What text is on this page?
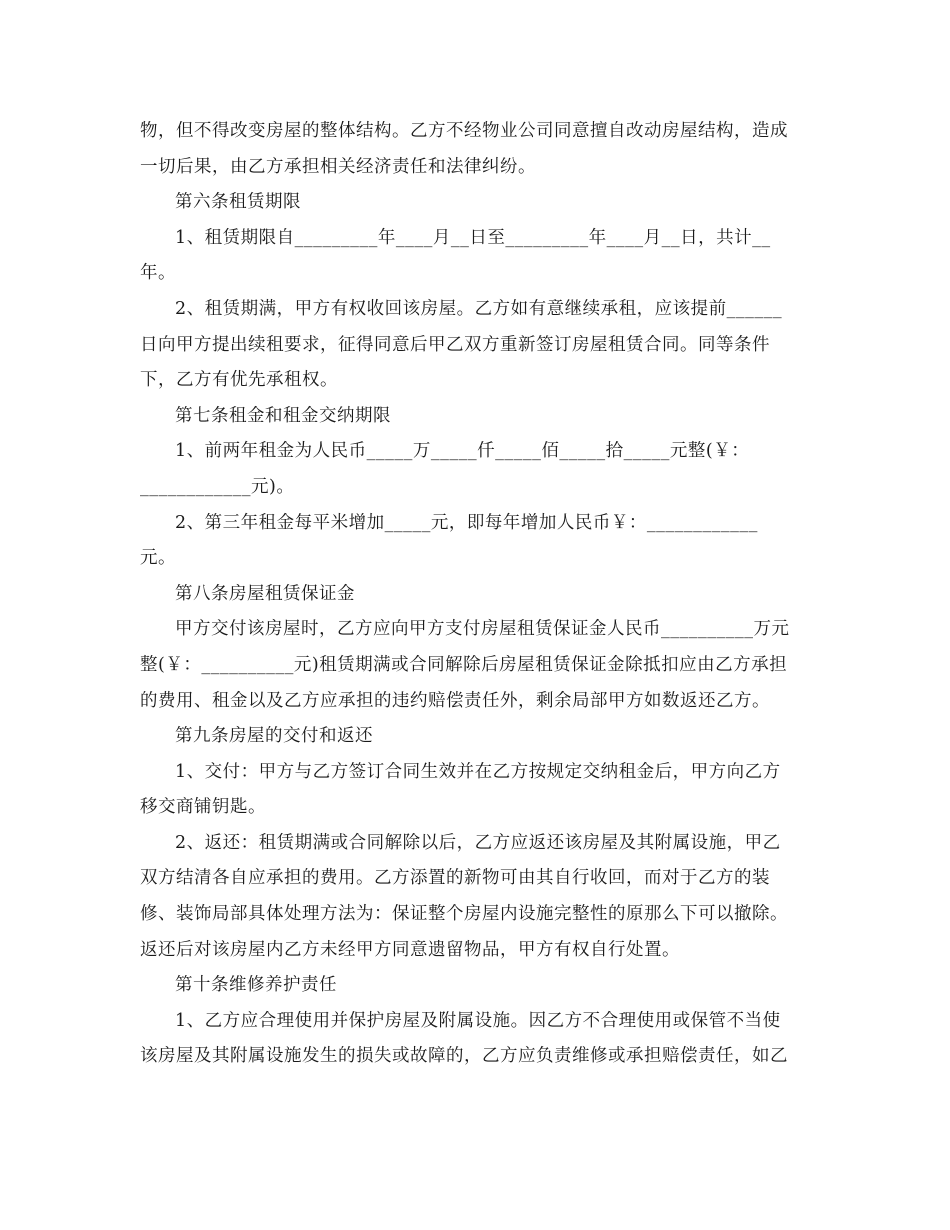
物，但不得改变房屋的整体结构。乙方不经物业公司同意擅自改动房屋结构，造成
一切后果，由乙方承担相关经济责任和法律纠纷。

第六条租赁期限

1、租赁期限自_________年____月__日至_________年____月__日，共计__
年。

2、租赁期满，甲方有权收回该房屋。乙方如有意继续承租，应该提前______
日向甲方提出续租要求，征得同意后甲乙双方重新签订房屋租赁合同。同等条件
下，乙方有优先承租权。

第七条租金和租金交纳期限

1、前两年租金为人民币_____万_____仟_____佰_____拾_____元整(￥：
____________元)。

2、第三年租金每平米增加_____元，即每年增加人民币￥：____________
元。

第八条房屋租赁保证金

甲方交付该房屋时，乙方应向甲方支付房屋租赁保证金人民币__________万元
整(￥：__________元)租赁期满或合同解除后房屋租赁保证金除抵扣应由乙方承担
的费用、租金以及乙方应承担的违约赔偿责任外，剩余局部甲方如数返还乙方。

第九条房屋的交付和返还

1、交付：甲方与乙方签订合同生效并在乙方按规定交纳租金后，甲方向乙方
移交商铺钥匙。

2、返还：租赁期满或合同解除以后，乙方应返还该房屋及其附属设施，甲乙
双方结清各自应承担的费用。乙方添置的新物可由其自行收回，而对于乙方的装
修、装饰局部具体处理方法为：保证整个房屋内设施完整性的原那么下可以撤除。
返还后对该房屋内乙方未经甲方同意遗留物品，甲方有权自行处置。

第十条维修养护责任

1、乙方应合理使用并保护房屋及附属设施。因乙方不合理使用或保管不当使
该房屋及其附属设施发生的损失或故障的，乙方应负责维修或承担赔偿责任，如乙
